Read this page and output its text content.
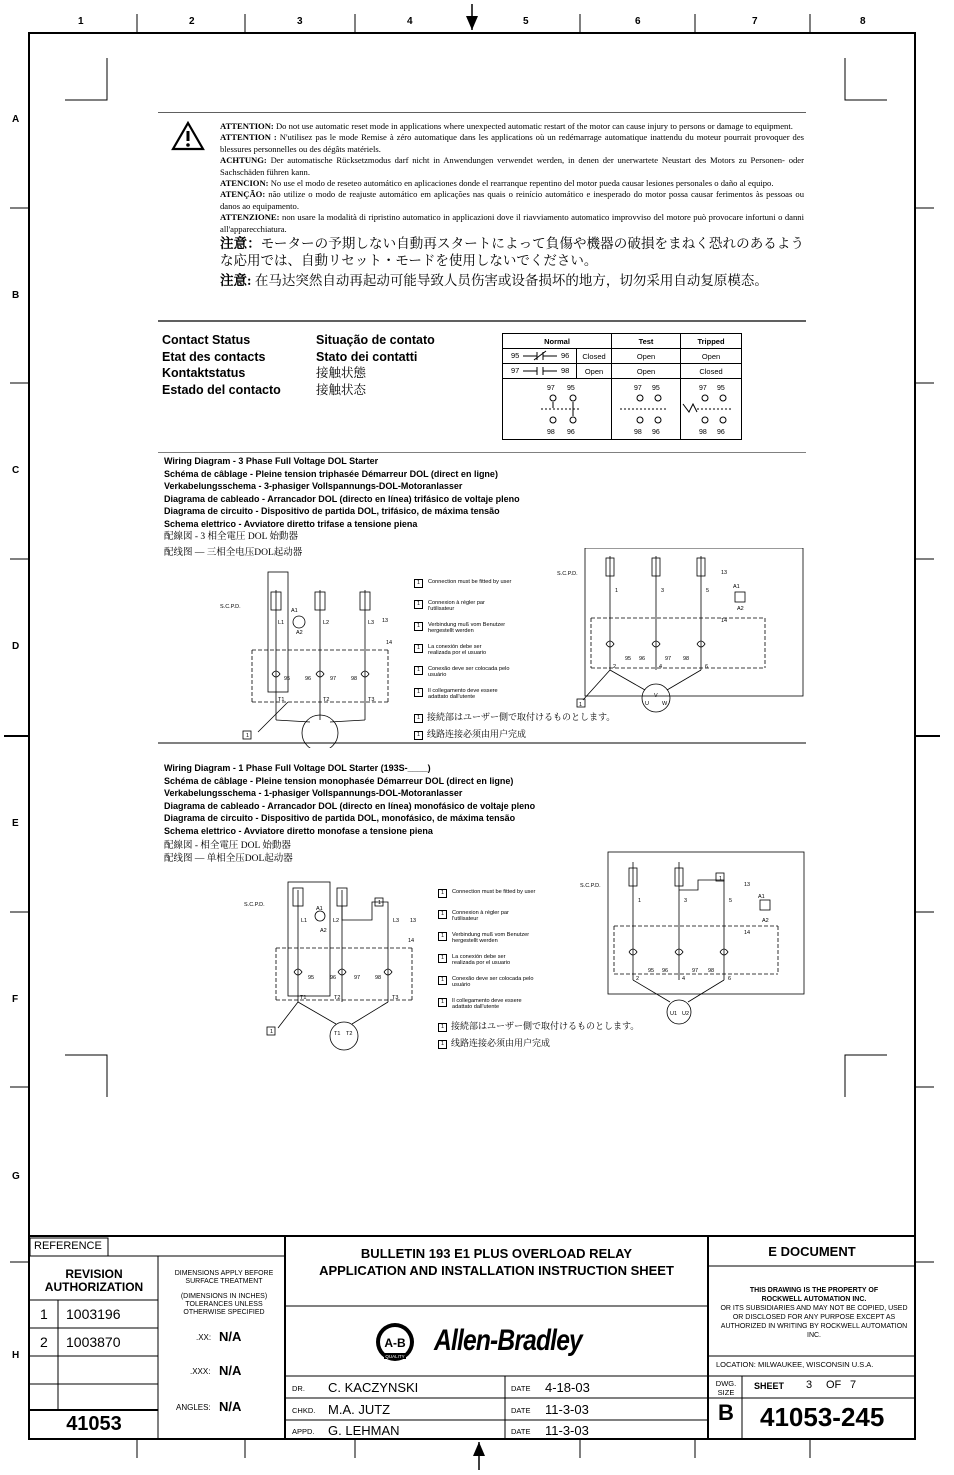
1	2	3	4	5	6	7	8
A
B
C
D
E
F
G
H
ATTENTION: Do not use automatic reset mode in applications where unexpected automatic restart of the motor can cause injury to persons or damage to equipment.
ATTENTION : N'utilisez pas le mode Remise à zéro automatique dans les applications où un redémarrage automatique inattendu du moteur pourrait provoquer des blessures personnelles ou des dégâts matériels.
ACHTUNG: Der automatische Rücksetzmodus darf nicht in Anwendungen verwendet werden, in denen der unerwartete Neustart des Motors zu Personen- oder Sachschäden führen kann.
ATENCION: No use el modo de reseteo automático en aplicaciones donde el rearranque repentino del motor pueda causar lesiones personales o daño al equipo.
ATENÇÃO: não utilize o modo de reajuste automático em aplicações nas quais o reinício automático e inesperado do motor possa causar ferimentos às pessoas ou danos ao equipamento.
ATTENZIONE: non usare la modalità di ripristino automatico in applicazioni dove il riavviamento automatico improvviso del motore può provocare infortuni o danni all'apparecchiatura.
注意：モーターの予期しない自動再スタートによって負傷や機器の破損をまねく恐れのあるような応用では、自動リセット・モードを使用しないでください。
注意: 在马达突然自动再起动可能导致人员伤害或设备损坏的地方，切勿采用自动复原模态。
Contact Status
Etat des contacts
Kontaktstatus
Estado del contacto
Situação de contato
Stato dei contatti
接触状態
接触状态
Normal		Test	Tripped

95 96	Closed	Open	Open

97 98	Open	Open	Closed

97 95
98 96		97 95
98 96	97 95
98 96
Wiring Diagram - 3 Phase Full Voltage DOL Starter
Schéma de câblage - Pleine tension triphasée Démarreur DOL (direct en ligne)
Verkabelungsschema - 3-phasiger Vollspannungs-DOL-Motoranlasser
Diagrama de cableado - Arrancador DOL (directo en línea) trifásico de voltaje pleno
Diagrama de circuito - Dispositivo de partida DOL, trifásico, de máxima tensão
Schema elettrico - Avviatore diretto trifase a tensione piena
配線図 - 3 相全電圧 DOL 始動器
配线图 — 三相全电压DOL起动器
S.C.P.D.
A1
A2
L1	L2	L3 13
14
95	96	97	98
T1	T2	T3
1
S.C.P.D.
1	3	5
13
14
A1
A2
2	4	6
95 96	97 98
U
V
W
1
1	Connection must be fitted by user
1	Connexion à régler par l'utilisateur
1	Verbindung muß vom Benutzer hergestellt werden
1	La conexión debe ser realizada por el usuario
1	Conexão deve ser colocada pelo usuário
1	Il collegamento deve essere adattato dall'utente
1 接続部はユーザー側で取付けるものとします。
1 线路连接必须由用户完成
Wiring Diagram - 1 Phase Full Voltage DOL Starter (193S-____)
Schéma de câblage - Pleine tension monophasée Démarreur DOL (direct en ligne)
Verkabelungsschema - 1-phasiger Vollspannungs-DOL-Motoranlasser
Diagrama de cableado - Arrancador DOL (directo en línea) monofásico de voltaje pleno
Diagrama de circuito - Dispositivo de partida DOL, monofásico, de máxima tensão
Schema elettrico - Avviatore diretto monofase a tensione piena
配線図 - 相全電圧 DOL 始動器
配线图 — 单相全压DOL起动器
S.C.P.D.
A1
A2
L1	L2	L3 13
14
95	96	97	98
T1	T2	T3
T1 T2
1
1
S.C.P.D.
1	3	5
13
14
A1
A2
2	4	6
95 96	97 98
U1 U2
1
1	Connection must be fitted by user
1	Connexion à régler par l'utilisateur
1	Verbindung muß vom Benutzer hergestellt werden
1	La conexión debe ser realizada por el usuario
1	Conexão deve ser colocada pelo usuário
1	Il collegamento deve essere adattato dall'utente
1 接続部はユーザー側で取付けるものとします。
1 线路连接必须由用户完成
REFERENCE
REVISION
AUTHORIZATION
1 1003196
2 1003870
41053
DIMENSIONS APPLY BEFORE SURFACE TREATMENT
(DIMENSIONS IN INCHES) TOLERANCES UNLESS OTHERWISE SPECIFIED
.XX: N/A
.XXX: N/A
ANGLES: N/A
BULLETIN 193 E1 PLUS OVERLOAD RELAY
APPLICATION AND INSTALLATION INSTRUCTION SHEET
A-B
QUALITY Allen-Bradley
DR. C. KACZYNSKI	DATE 4-18-03
CHKD. M.A. JUTZ	DATE 11-3-03
APPD. G. LEHMAN	DATE 11-3-03
E DOCUMENT
THIS DRAWING IS THE PROPERTY OF ROCKWELL AUTOMATION INC.
OR ITS SUBSIDIARIES AND MAY NOT BE COPIED, USED OR DISCLOSED FOR ANY PURPOSE EXCEPT AS AUTHORIZED IN WRITING BY ROCKWELL AUTOMATION INC.
LOCATION: MILWAUKEE, WISCONSIN U.S.A.
DWG.
SIZE
B
SHEET 3 OF 7
41053-245
